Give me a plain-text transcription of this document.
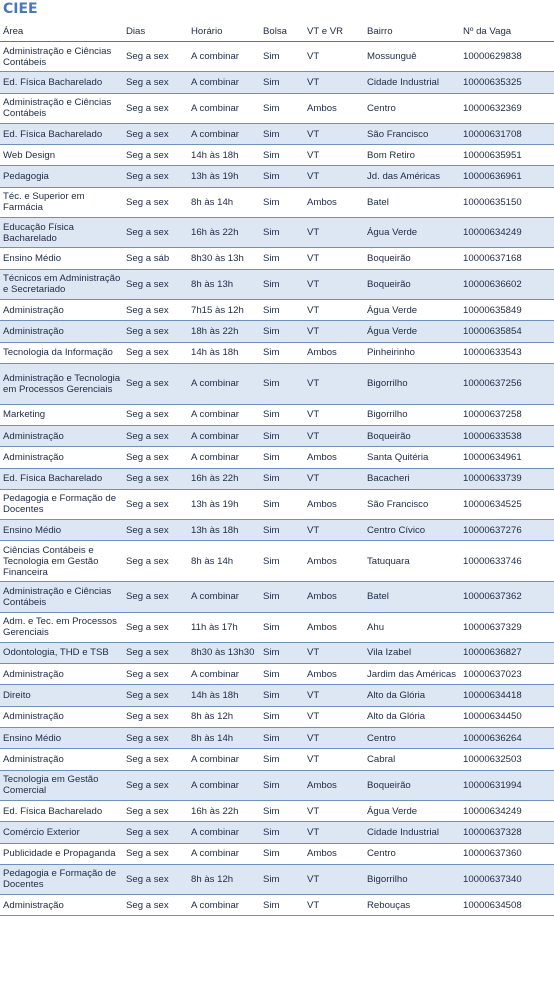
CIEE
Área	Dias	Horário	Bolsa	VT e VR	Bairro	Nº da Vaga
Administração e Ciências Contábeis	Seg a sex	A combinar	Sim	VT	Mossunguê	10000629838
Ed. Física Bacharelado	Seg a sex	A combinar	Sim	VT	Cidade Industrial	10000635325
Administração e Ciências Contábeis	Seg a sex	A combinar	Sim	Ambos	Centro	10000632369
Ed. Física Bacharelado	Seg a sex	A combinar	Sim	VT	São Francisco	10000631708
Web Design	Seg a sex	14h às 18h	Sim	VT	Bom Retiro	10000635951
Pedagogia	Seg a sex	13h às 19h	Sim	VT	Jd. das Américas	10000636961
Téc. e Superior em Farmácia	Seg a sex	8h às 14h	Sim	Ambos	Batel	10000635150
Educação Física Bacharelado	Seg a sex	16h às 22h	Sim	VT	Água Verde	10000634249
Ensino Médio	Seg a sáb	8h30 às 13h	Sim	VT	Boqueirão	10000637168
Técnicos em Administração e Secretariado	Seg a sex	8h às 13h	Sim	VT	Boqueirão	10000636602
Administração	Seg a sex	7h15 às 12h	Sim	VT	Água Verde	10000635849
Administração	Seg a sex	18h às 22h	Sim	VT	Água Verde	10000635854
Tecnologia da Informação	Seg a sex	14h às 18h	Sim	Ambos	Pinheirinho	10000633543
Administração e Tecnologia em Processos Gerenciais	Seg a sex	A combinar	Sim	VT	Bigorrilho	10000637256
Marketing	Seg a sex	A combinar	Sim	VT	Bigorrilho	10000637258
Administração	Seg a sex	A combinar	Sim	VT	Boqueirão	10000633538
Administração	Seg a sex	A combinar	Sim	Ambos	Santa Quitéria	10000634961
Ed. Física Bacharelado	Seg a sex	16h às 22h	Sim	VT	Bacacheri	10000633739
Pedagogia e Formação de Docentes	Seg a sex	13h às 19h	Sim	Ambos	São Francisco	10000634525
Ensino Médio	Seg a sex	13h às 18h	Sim	VT	Centro Cívico	10000637276
Ciências Contábeis e Tecnologia em Gestão Financeira	Seg a sex	8h às 14h	Sim	Ambos	Tatuquara	10000633746
Administração e Ciências Contábeis	Seg a sex	A combinar	Sim	Ambos	Batel	10000637362
Adm. e Tec. em Processos Gerenciais	Seg a sex	11h às 17h	Sim	Ambos	Ahu	10000637329
Odontologia, THD e TSB	Seg a sex	8h30 às 13h30	Sim	VT	Vila Izabel	10000636827
Administração	Seg a sex	A combinar	Sim	Ambos	Jardim das Américas	10000637023
Direito	Seg a sex	14h às 18h	Sim	VT	Alto da Glória	10000634418
Administração	Seg a sex	8h às 12h	Sim	VT	Alto da Glória	10000634450
Ensino Médio	Seg a sex	8h às 14h	Sim	VT	Centro	10000636264
Administração	Seg a sex	A combinar	Sim	VT	Cabral	10000632503
Tecnologia em Gestão Comercial	Seg a sex	A combinar	Sim	Ambos	Boqueirão	10000631994
Ed. Física Bacharelado	Seg a sex	16h às 22h	Sim	VT	Água Verde	10000634249
Comércio Exterior	Seg a sex	A combinar	Sim	VT	Cidade Industrial	10000637328
Publicidade e Propaganda	Seg a sex	A combinar	Sim	Ambos	Centro	10000637360
Pedagogia e Formação de Docentes	Seg a sex	8h às 12h	Sim	VT	Bigorrilho	10000637340
Administração	Seg a sex	A combinar	Sim	VT	Rebouças	10000634508
